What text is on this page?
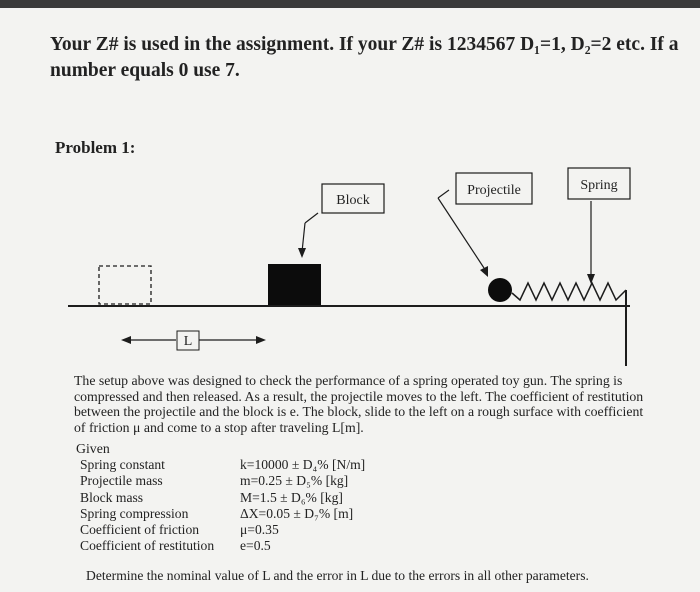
Your Z# is used in the assignment. If your Z# is 1234567 D₁=1, D₂=2 etc. If a number equals 0 use 7.
Problem 1:
Block
Projectile	Spring
L
The setup above was designed to check the performance of a spring operated toy gun. The spring is compressed and then released. As a result, the projectile moves to the left. The coefficient of restitution between the projectile and the block is e. The block, slide to the left on a rough surface with coefficient of friction μ and come to a stop after traveling L[m].
Given
Spring constant	k=10000 ± D₄% [N/m]
Projectile mass	m=0.25 ± D₅% [kg]
Block mass	M=1.5 ± D₆% [kg]
Spring compression	ΔX=0.05 ± D₇% [m]
Coefficient of friction	μ=0.35
Coefficient of restitution	e=0.5
Determine the nominal value of L and the error in L due to the errors in all other parameters.
